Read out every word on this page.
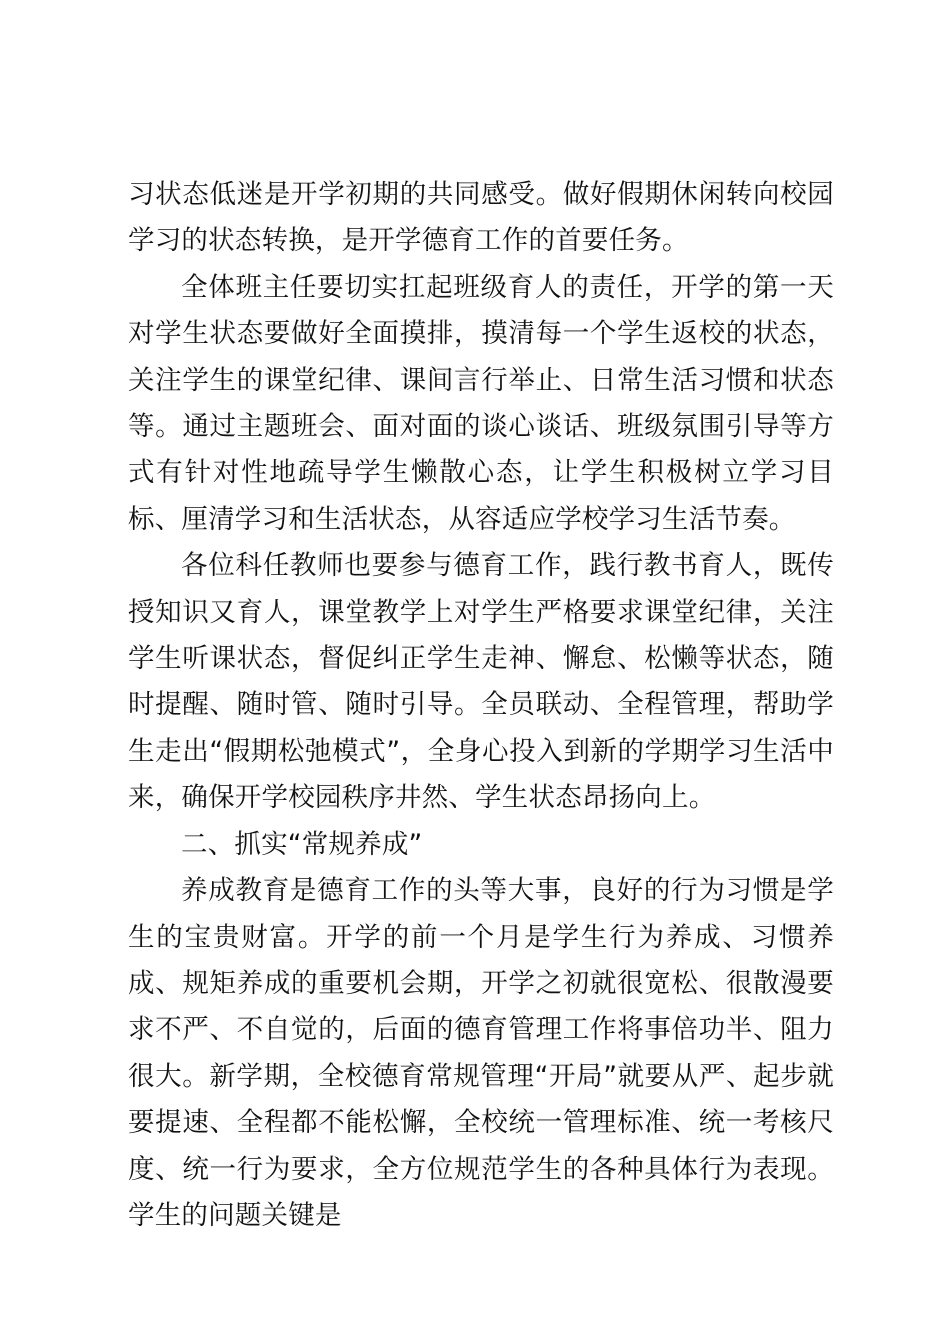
习状态低迷是开学初期的共同感受。做好假期休闲转向校园学习的状态转换，是开学德育工作的首要任务。

全体班主任要切实扛起班级育人的责任，开学的第一天对学生状态要做好全面摸排，摸清每一个学生返校的状态，关注学生的课堂纪律、课间言行举止、日常生活习惯和状态等。通过主题班会、面对面的谈心谈话、班级氛围引导等方式有针对性地疏导学生懒散心态，让学生积极树立学习目标、厘清学习和生活状态，从容适应学校学习生活节奏。

各位科任教师也要参与德育工作，践行教书育人，既传授知识又育人，课堂教学上对学生严格要求课堂纪律，关注学生听课状态，督促纠正学生走神、懈怠、松懒等状态，随时提醒、随时管、随时引导。全员联动、全程管理，帮助学生走出“假期松弛模式”，全身心投入到新的学期学习生活中来，确保开学校园秩序井然、学生状态昂扬向上。

二、抓实“常规养成”

养成教育是德育工作的头等大事，良好的行为习惯是学生的宝贵财富。开学的前一个月是学生行为养成、习惯养成、规矩养成的重要机会期，开学之初就很宽松、很散漫要求不严、不自觉的，后面的德育管理工作将事倍功半、阻力很大。新学期，全校德育常规管理“开局”就要从严、起步就要提速、全程都不能松懈，全校统一管理标准、统一考核尺度、统一行为要求，全方位规范学生的各种具体行为表现。学生的问题关键是
